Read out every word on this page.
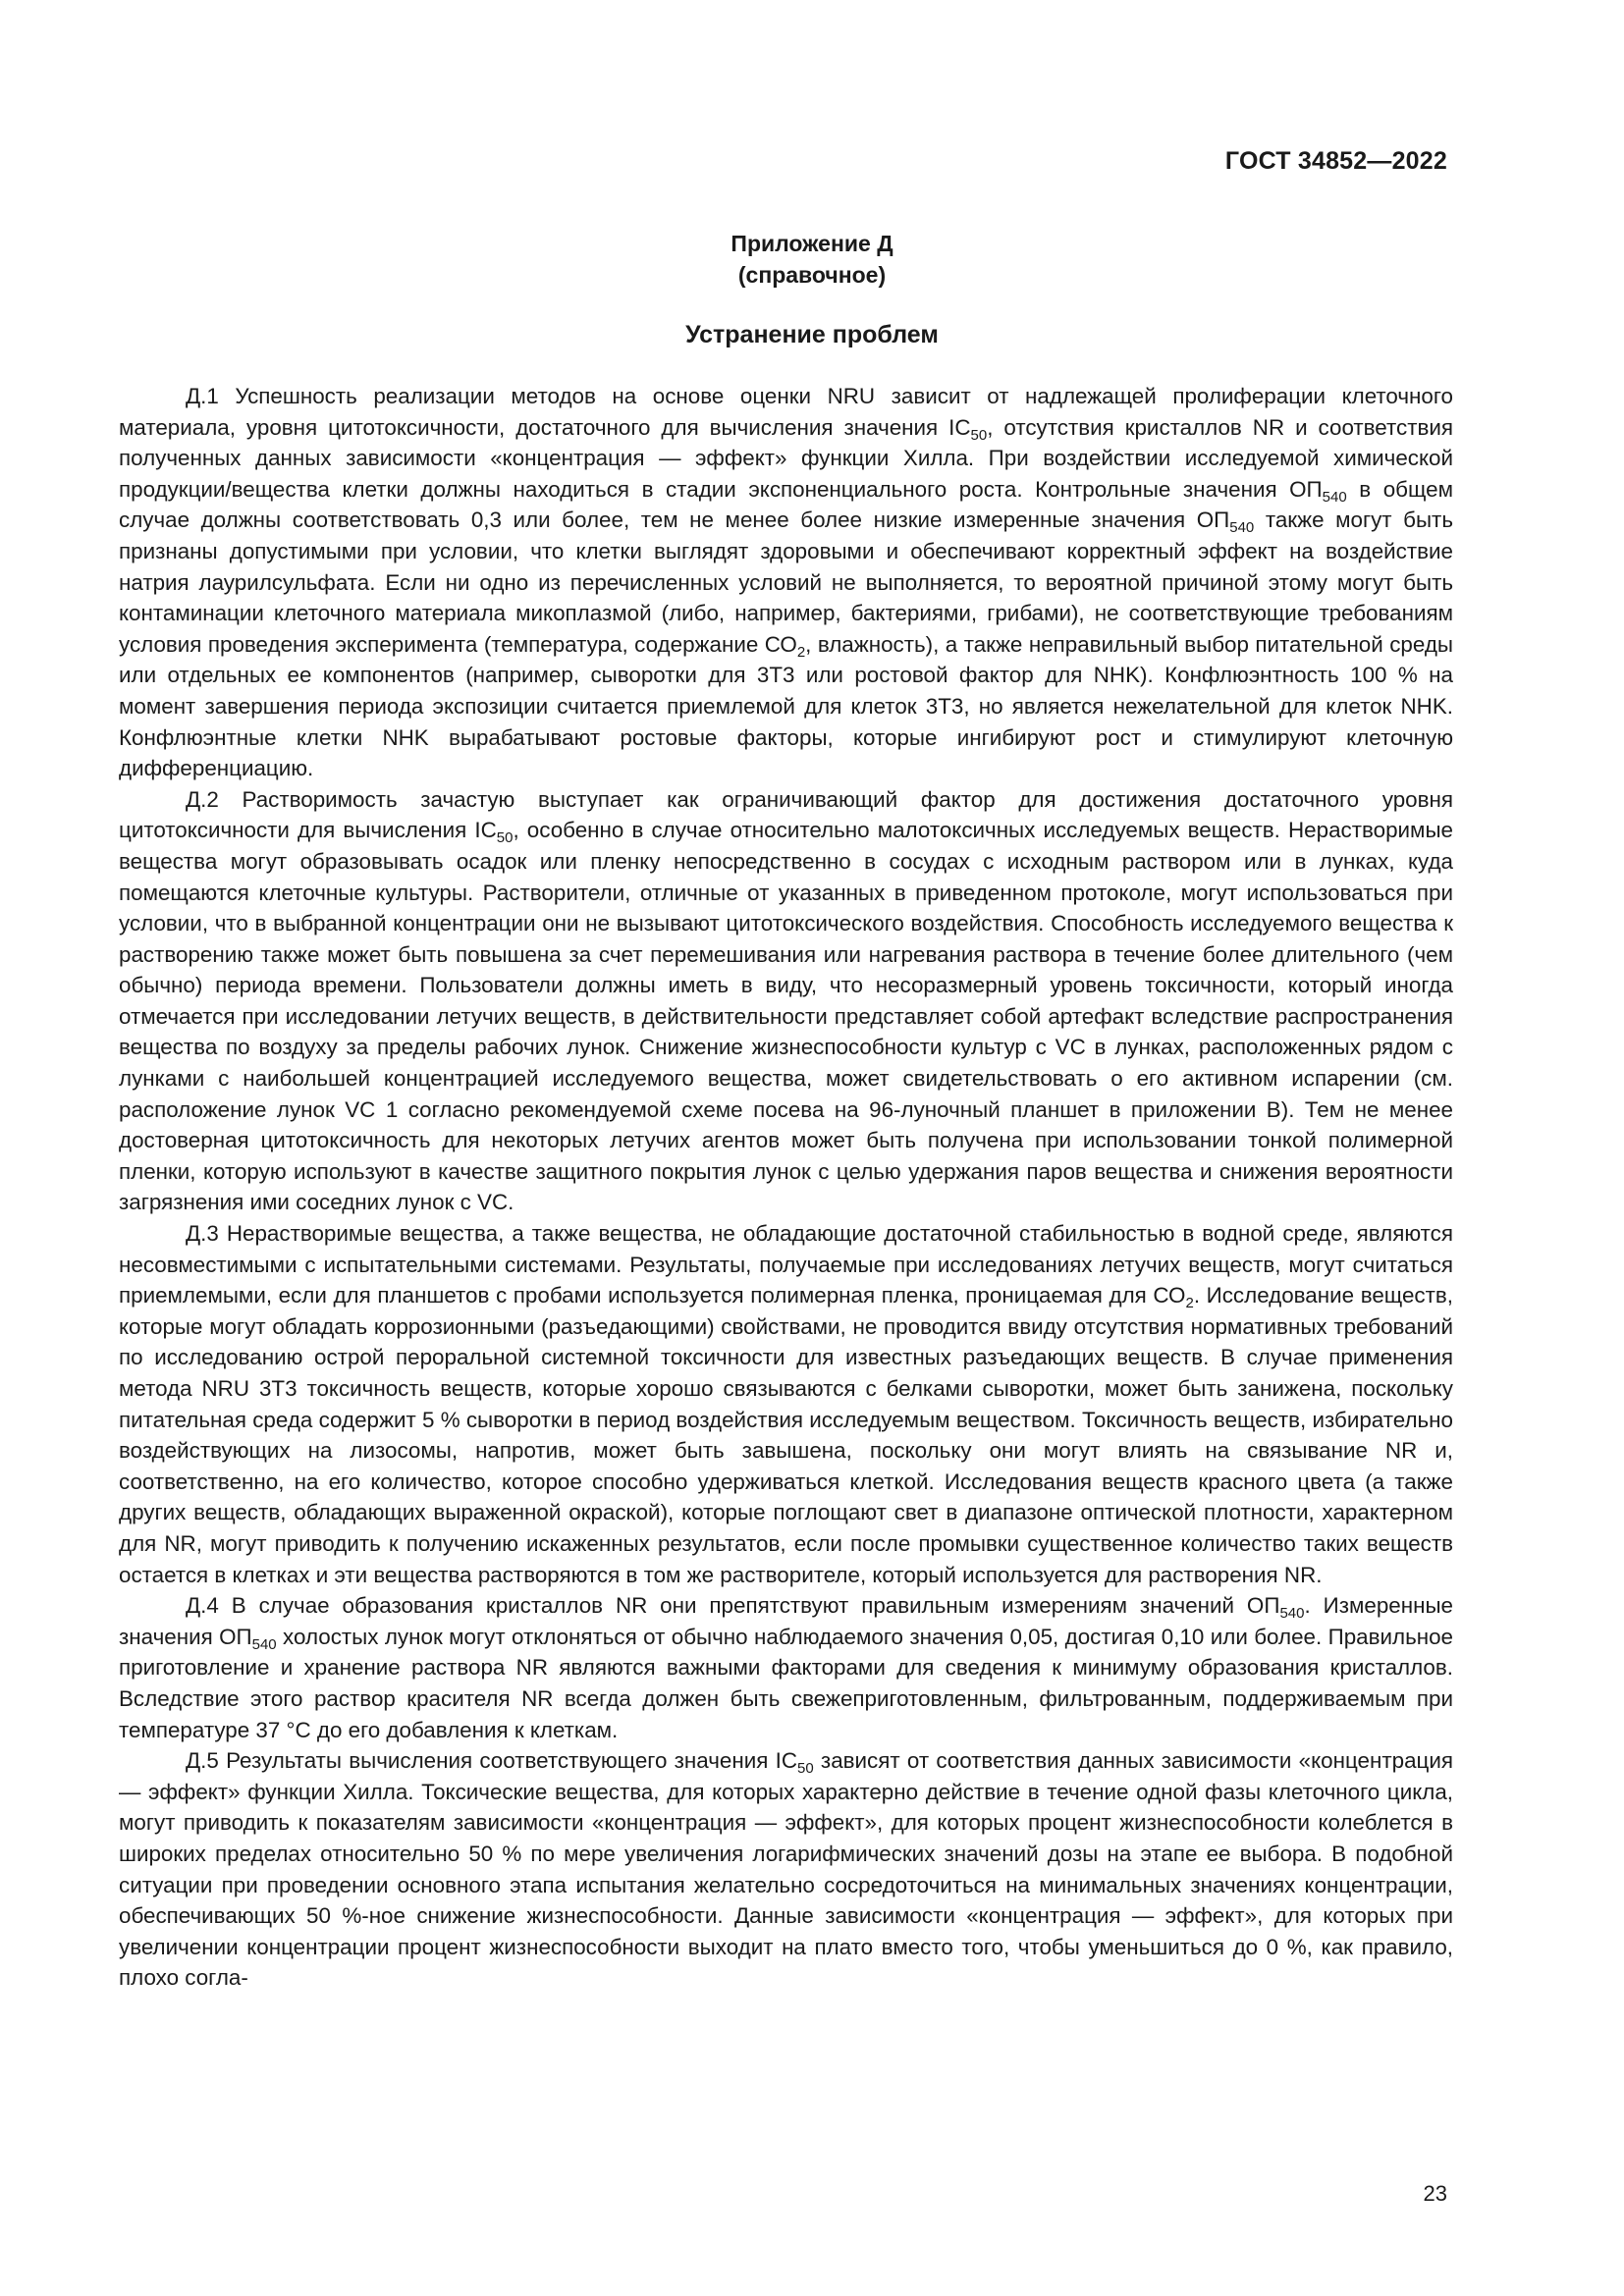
ГОСТ 34852—2022
Приложение Д
(справочное)
Устранение проблем

Д.1 Успешность реализации методов на основе оценки NRU зависит от надлежащей пролиферации клеточного материала, уровня цитотоксичности, достаточного для вычисления значения $IC_{50}$, отсутствия кристаллов NR и соответствия полученных данных зависимости «концентрация — эффект» функции Хилла. При воздействии исследуемой химической продукции/вещества клетки должны находиться в стадии экспоненциального роста. Контрольные значения $ОП_{540}$ в общем случае должны соответствовать 0,3 или более, тем не менее более низкие измеренные значения $ОП_{540}$ также могут быть признаны допустимыми при условии, что клетки выглядят здоровыми и обеспечивают корректный эффект на воздействие натрия лаурилсульфата. Если ни одно из перечисленных условий не выполняется, то вероятной причиной этому могут быть контаминации клеточного материала микоплазмой (либо, например, бактериями, грибами), не соответствующие требованиям условия проведения эксперимента (температура, содержание $СО_2$, влажность), а также неправильный выбор питательной среды или отдельных ее компонентов (например, сыворотки для 3Т3 или ростовой фактор для NHK). Конфлюэнтность 100 % на момент завершения периода экспозиции считается приемлемой для клеток 3Т3, но является нежелательной для клеток NHK. Конфлюэнтные клетки NHK вырабатывают ростовые факторы, которые ингибируют рост и стимулируют клеточную дифференциацию.

Д.2 Растворимость зачастую выступает как ограничивающий фактор для достижения достаточного уровня цитотоксичности для вычисления $IC_{50}$, особенно в случае относительно малотоксичных исследуемых веществ. Нерастворимые вещества могут образовывать осадок или пленку непосредственно в сосудах с исходным раствором или в лунках, куда помещаются клеточные культуры. Растворители, отличные от указанных в приведенном протоколе, могут использоваться при условии, что в выбранной концентрации они не вызывают цитотоксического воздействия. Способность исследуемого вещества к растворению также может быть повышена за счет перемешивания или нагревания раствора в течение более длительного (чем обычно) периода времени. Пользователи должны иметь в виду, что несоразмерный уровень токсичности, который иногда отмечается при исследовании летучих веществ, в действительности представляет собой артефакт вследствие распространения вещества по воздуху за пределы рабочих лунок. Снижение жизнеспособности культур с VC в лунках, расположенных рядом с лунками с наибольшей концентрацией исследуемого вещества, может свидетельствовать о его активном испарении (см. расположение лунок VC 1 согласно рекомендуемой схеме посева на 96-луночный планшет в приложении В). Тем не менее достоверная цитотоксичность для некоторых летучих агентов может быть получена при использовании тонкой полимерной пленки, которую используют в качестве защитного покрытия лунок с целью удержания паров вещества и снижения вероятности загрязнения ими соседних лунок с VC.

Д.3 Нерастворимые вещества, а также вещества, не обладающие достаточной стабильностью в водной среде, являются несовместимыми с испытательными системами. Результаты, получаемые при исследованиях летучих веществ, могут считаться приемлемыми, если для планшетов с пробами используется полимерная пленка, проницаемая для $СО_2$. Исследование веществ, которые могут обладать коррозионными (разъедающими) свойствами, не проводится ввиду отсутствия нормативных требований по исследованию острой пероральной системной токсичности для известных разъедающих веществ. В случае применения метода NRU 3Т3 токсичность веществ, которые хорошо связываются с белками сыворотки, может быть занижена, поскольку питательная среда содержит 5 % сыворотки в период воздействия исследуемым веществом. Токсичность веществ, избирательно воздействующих на лизосомы, напротив, может быть завышена, поскольку они могут влиять на связывание NR и, соответственно, на его количество, которое способно удерживаться клеткой. Исследования веществ красного цвета (а также других веществ, обладающих выраженной окраской), которые поглощают свет в диапазоне оптической плотности, характерном для NR, могут приводить к получению искаженных результатов, если после промывки существенное количество таких веществ остается в клетках и эти вещества растворяются в том же растворителе, который используется для растворения NR.

Д.4 В случае образования кристаллов NR они препятствуют правильным измерениям значений $ОП_{540}$. Измеренные значения $ОП_{540}$ холостых лунок могут отклоняться от обычно наблюдаемого значения 0,05, достигая 0,10 или более. Правильное приготовление и хранение раствора NR являются важными факторами для сведения к минимуму образования кристаллов. Вследствие этого раствор красителя NR всегда должен быть свежеприготовленным, фильтрованным, поддерживаемым при температуре 37 °С до его добавления к клеткам.

Д.5 Результаты вычисления соответствующего значения $IC_{50}$ зависят от соответствия данных зависимости «концентрация — эффект» функции Хилла. Токсические вещества, для которых характерно действие в течение одной фазы клеточного цикла, могут приводить к показателям зависимости «концентрация — эффект», для которых процент жизнеспособности колеблется в широких пределах относительно 50 % по мере увеличения логарифмических значений дозы на этапе ее выбора. В подобной ситуации при проведении основного этапа испытания желательно сосредоточиться на минимальных значениях концентрации, обеспечивающих 50 %-ное снижение жизнеспособности. Данные зависимости «концентрация — эффект», для которых при увеличении концентрации процент жизнеспособности выходит на плато вместо того, чтобы уменьшиться до 0 %, как правило, плохо согла-

23
